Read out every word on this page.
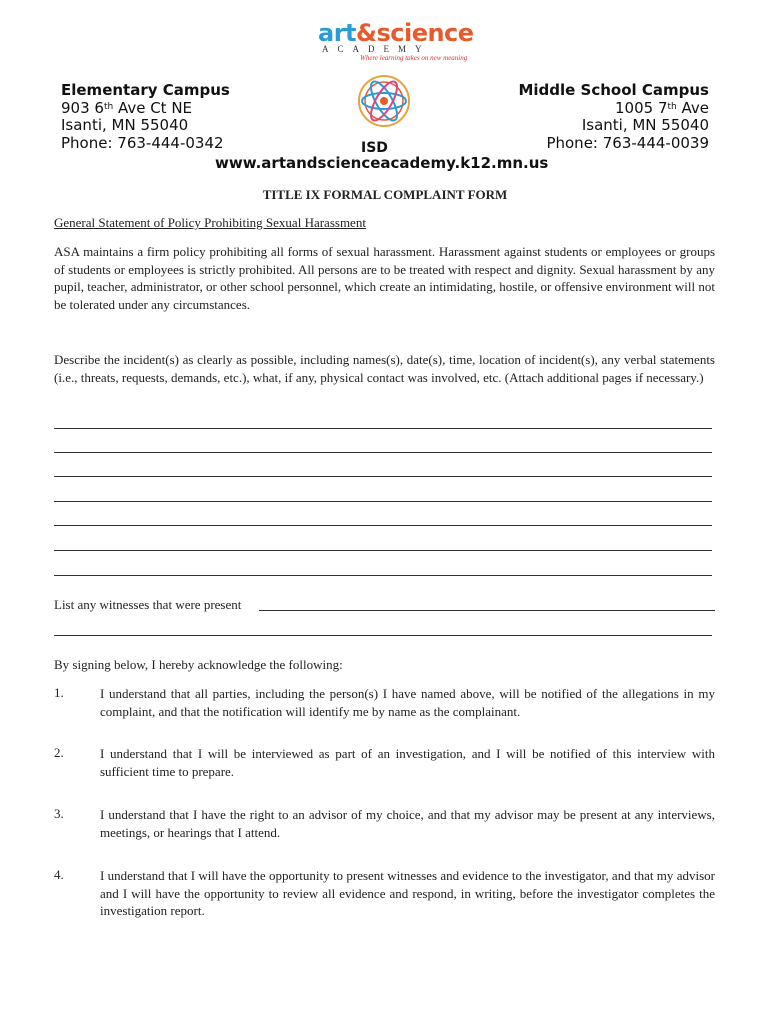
art&science
ACADEMY
Where learning takes on new meaning
Elementary Campus
903 6th Ave Ct NE
Isanti, MN 55040
Phone: 763-444-0342
Middle School Campus
1005 7th Ave
Isanti, MN 55040
Phone: 763-444-0039
ISD
www.artandscienceacademy.k12.mn.us
TITLE IX FORMAL COMPLAINT FORM
General Statement of Policy Prohibiting Sexual Harassment
ASA maintains a firm policy prohibiting all forms of sexual harassment. Harassment against students or employees or groups of students or employees is strictly prohibited. All persons are to be treated with respect and dignity. Sexual harassment by any pupil, teacher, administrator, or other school personnel, which create an intimidating, hostile, or offensive environment will not be tolerated under any circumstances.
Describe the incident(s) as clearly as possible, including names(s), date(s), time, location of incident(s), any verbal statements (i.e., threats, requests, demands, etc.), what, if any, physical contact was involved, etc. (Attach additional pages if necessary.)
List any witnesses that were present
By signing below, I hereby acknowledge the following:
1.	I understand that all parties, including the person(s) I have named above, will be notified of the allegations in my complaint, and that the notification will identify me by name as the complainant.
2.	I understand that I will be interviewed as part of an investigation, and I will be notified of this interview with sufficient time to prepare.
3.	I understand that I have the right to an advisor of my choice, and that my advisor may be present at any interviews, meetings, or hearings that I attend.
4.	I understand that I will have the opportunity to present witnesses and evidence to the investigator, and that my advisor and I will have the opportunity to review all evidence and respond, in writing, before the investigator completes the investigation report.
